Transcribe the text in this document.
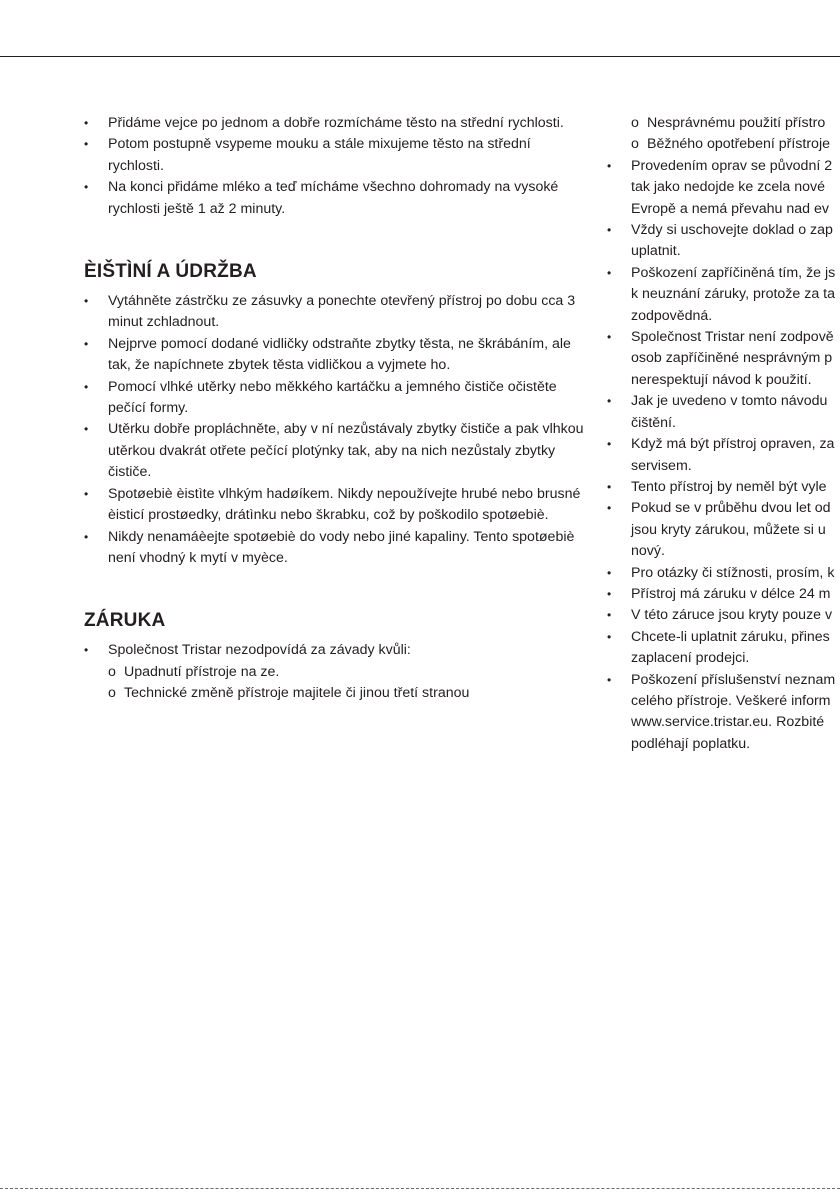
• Přidáme vejce po jednom a dobře rozmícháme těsto na střední rychlosti.
• Potom postupně vsypeme mouku a stále mixujeme těsto na střední rychlosti.
• Na konci přidáme mléko a teď mícháme všechno dohromady na vysoké rychlosti ještě 1 až 2 minuty.
ÈIŠTÌNÍ A ÚDRŽBA
• Vytáhněte zástrčku ze zásuvky a ponechte otevřený přístroj po dobu cca 3 minut zchladnout.
• Nejprve pomocí dodané vidličky odstraňte zbytky těsta, ne škrábáním, ale tak, že napíchnete zbytek těsta vidličkou a vyjmete ho.
• Pomocí vlhké utěrky nebo měkkého kartáčku a jemného čističe očistěte pečící formy.
• Utěrku dobře propláchněte, aby v ní nezůstávaly zbytky čističe a pak vlhkou utěrkou dvakrát otřete pečící plotýnky tak, aby na nich nezůstaly zbytky čističe.
• Spotøebiè èistìte vlhkým hadøíkem. Nikdy nepoužívejte hrubé nebo brusné èisticí prostøedky, drátìnku nebo škrabku, což by poškodilo spotøebiè.
• Nikdy nenamáèejte spotøebiè do vody nebo jiné kapaliny. Tento spotøebiè není vhodný k mytí v myèce.
ZÁRUKA
• Společnost Tristar nezodpovídá za závady kvůli:
o Upadnutí přístroje na ze.
o Technické změně přístroje majitele či jinou třetí stranou
o Nesprávnému použití přístro
o Běžného opotřebení přístroje
• Provedením oprav se původní 2
tak jako nedojde ke zcela nové
Evropě a nemá převahu nad ev
• Vždy si uschovejte doklad o zap
uplatnit.
• Poškození zapříčiněná tím, že js
k neuznání záruky, protože za ta
zodpovědná.
• Společnost Tristar není zodpově
osob zapříčiněné nesprávným p
nerespektují návod k použití.
• Jak je uvedeno v tomto návodu
čištění.
• Když má být přístroj opraven, za
servisem.
• Tento přístroj by neměl být vyle
• Pokud se v průběhu dvou let od
jsou kryty zárukou, můžete si u
nový.
• Pro otázky či stížnosti, prosím, k
• Přístroj má záruku v délce 24 m
• V této záruce jsou kryty pouze v
• Chcete-li uplatnit záruku, přines
zaplacení prodejci.
• Poškození příslušenství neznam
celého přístroje. Veškeré inform
www.service.tristar.eu. Rozbité
podléhají poplatku.
